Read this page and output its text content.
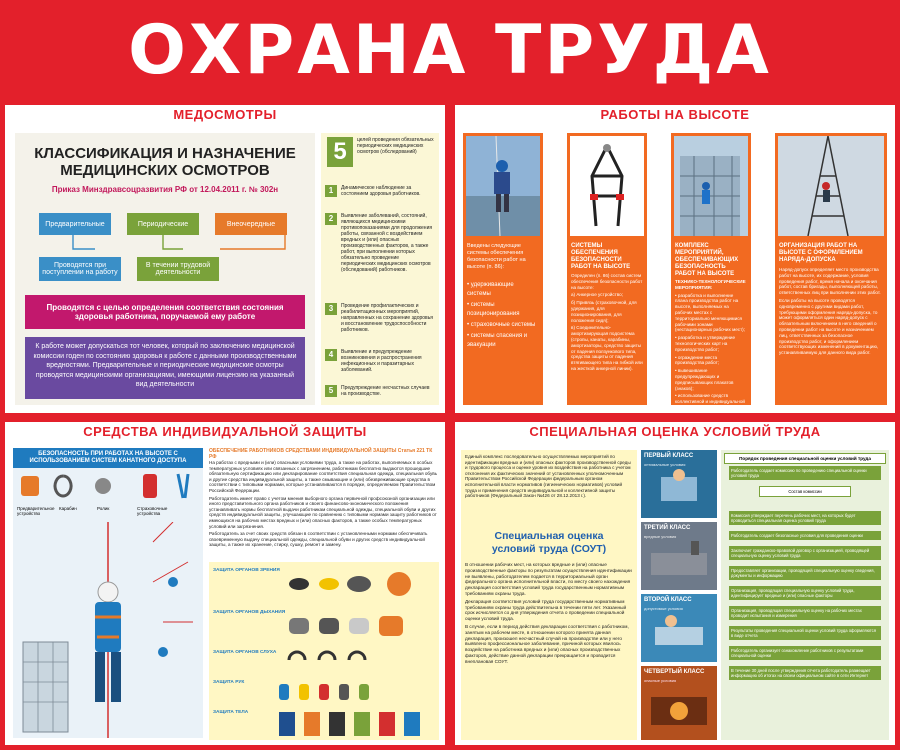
ОХРАНА ТРУДА
МЕДОСМОТРЫ
КЛАССИФИКАЦИЯ И НАЗНАЧЕНИЕ
МЕДИЦИНСКИХ ОСМОТРОВ
Приказ Минздравсоцразвития РФ от 12.04.2011 г. № 302н
Предварительные	Периодические	Внеочередные
Проводятся при поступлении на работу
В течении трудовой деятельности
Проводятся с целью определения соответствия состояния здоровья работника, поручаемой ему работе
К работе может допускаться тот человек, который по заключению медицинской комиссии годен по состоянию здоровья к работе с данными производственными вредностями. Предварительные и периодические медицинские осмотры проводятся медицинскими организациями, имеющими лицензию на указанный вид деятельности
5	целей проведения обязательных периодических медицинских осмотров (обследований)
1	Динамическое наблюдение за состоянием здоровья работников.
2	Выявление заболеваний, состояний, являющихся медицинскими противопоказаниями для продолжения работы, связанной с воздействием вредных и (или) опасных производственных факторов, а также работ, при выполнении которых обязательно проведение периодических медицинских осмотров (обследований) работников.
3	Проведение профилактических и реабилитационных мероприятий, направленных на сохранение здоровья и восстановление трудоспособности работников.
4	Выявление и предупреждение возникновения и распространения инфекционных и паразитарных заболеваний.
5	Предупреждение несчастных случаев на производстве.
РАБОТЫ НА ВЫСОТЕ
Введены следующие системы обеспечения безопасности работ на высоте (п. 86):

• удерживающие системы

• системы позиционирования

• страховочные системы

• системы спасения и эвакуации

СИСТЕМЫ ОБЕСПЕЧЕНИЯ БЕЗОПАСНОСТИ РАБОТ НА ВЫСОТЕ

Определен (п. 86) состав систем обеспечения безопасности работ на высоте:

а) Анкерное устройство;

б) Привязь (страховочной, для удержания, для позиционирования, для положения сидя);

в) Соединительно-амортизирующая подсистема (стропы, канаты, карабины, амортизаторы, средство защиты от падения ползункового типа, средства защиты от падения втягивающего типа на гибкой или на жесткой анкерной линии).

КОМПЛЕКС МЕРОПРИЯТИЙ, ОБЕСПЕЧИВАЮЩИХ БЕЗОПАСНОСТЬ РАБОТ НА ВЫСОТЕ

ТЕХНИКО-ТЕХНОЛОГИЧЕСКИЕ МЕРОПРИЯТИЯ:

• разработка и выполнение плана производства работ на высоте, выполняемых на рабочих местах с территориально меняющимися рабочими зонами (нестационарных рабочих мест);

• разработка и утверждение технологических карт на производство работ;

• ограждение места производства работ;

• вывешивание предупреждающих и предписывающих плакатов (знаков);

• использование средств коллективной и индивидуальной защиты.

ОРГАНИЗАЦИЯ РАБОТ НА ВЫСОТЕ С ОФОРМЛЕНИЕМ НАРЯДА-ДОПУСКА

Наряд-допуск определяет место производства работ на высоте, их содержание, условия проведения работ, время начала и окончания работ, состав бригады, выполняющей работы, ответственных лиц при выполнении этих работ.

Если работы на высоте проводятся одновременно с другими видами работ, требующими оформления наряда-допуска, то может оформляться один наряд-допуск с обязательным включением в него сведений о проведении работ на высоте и назначением лиц, ответственных за безопасное производство работ, и оформлением соответствующих изменений в документацию, устанавливаемую для данного вида работ.

СРЕДСТВА ИНДИВИДУАЛЬНОЙ ЗАЩИТЫ
БЕЗОПАСНОСТЬ ПРИ РАБОТАХ НА ВЫСОТЕ С ИСПОЛЬЗОВАНИЕМ СИСТЕМ КАНАТНОГО ДОСТУПА
Предварительное устройство
Карабин	Ролик	Страховочные устройства
ОБЕСПЕЧЕНИЕ РАБОТНИКОВ СРЕДСТВАМИ ИНДИВИДУАЛЬНОЙ ЗАЩИТЫ Статья 221 ТК РФ

На работах с вредными и (или) опасными условиями труда, а также на работах, выполняемых в особых температурных условиях или связанных с загрязнением, работникам бесплатно выдаются прошедшие обязательную сертификацию или декларирование соответствия специальная одежда, специальная обувь и другие средства индивидуальной защиты, а также смывающие и (или) обезвреживающие средства в соответствии с типовыми нормами, которые устанавливаются в порядке, определяемом Правительством Российской Федерации.

Работодатель имеет право с учетом мнения выборного органа первичной профсоюзной организации или иного представительного органа работников и своего финансово-экономического положения устанавливать нормы бесплатной выдачи работникам специальной одежды, специальной обуви и других средств индивидуальной защиты, улучшающие по сравнению с типовыми нормами защиту работников от имеющихся на рабочих местах вредных и (или) опасных факторов, а также особых температурных условий или загрязнения.

Работодатель за счет своих средств обязан в соответствии с установленными нормами обеспечивать своевременную выдачу специальной одежды, специальной обуви и других средств индивидуальной защиты, а также их хранение, стирку, сушку, ремонт и замену.

ЗАЩИТА ОРГАНОВ ЗРЕНИЯ
ЗАЩИТА ОРГАНОВ ДЫХАНИЯ
ЗАЩИТА ОРГАНОВ СЛУХА
ЗАЩИТА РУК
ЗАЩИТА ТЕЛА
СПЕЦИАЛЬНАЯ ОЦЕНКА УСЛОВИЙ ТРУДА
Единый комплекс последовательно осуществляемых мероприятий по идентификации вредных и (или) опасных факторов производственной среды и трудового процесса и оценке уровня их воздействия на работника с учетом отклонения их фактических значений от установленных уполномоченным Правительством Российской Федерации федеральным органом исполнительной власти нормативов (гигиенических нормативов) условий труда и применения средств индивидуальной и коллективной защиты работников (Федеральный Закон №426 от 28.12.2013 г.).
Специальная оценка
условий труда (СОУТ)

В отношении рабочих мест, на которых вредные и (или) опасные производственные факторы по результатам осуществления идентификации не выявлены, работодателем подается в территориальный орган федерального органа исполнительной власти, по месту своего нахождения декларация соответствия условий труда государственным нормативным требованиям охраны труда.

Декларация соответствия условий труда государственным нормативным требованиям охраны труда действительна в течении пяти лет. Указанный срок исчисляется со дня утверждения отчета о проведении специальной оценки условий труда.

В случае, если в период действия декларации соответствия с работником, занятым на рабочем месте, в отношении которого принята данная декларация, произошел несчастный случай на производстве или у него выявлено профессиональное заболевание, причиной которых явилось воздействие на работника вредных и (или) опасных производственных факторов, действие данной декларации прекращается и проводится внеплановая СОУТ.

ПЕРВЫЙ КЛАСС
оптимальные условия
ТРЕТИЙ КЛАСС
вредные условия
ВТОРОЙ КЛАСС
допустимые условия
ЧЕТВЕРТЫЙ КЛАСС
опасные условия
Порядок проведения специальной оценки условий труда
Работодатель создает комиссию по проведению специальной оценки условий труда
Состав комиссии
Комиссия утверждает перечень рабочих мест, на которых будет проводиться специальная оценка условий труда
Работодатель создает безопасные условия для проведения оценки
Заключает гражданско-правовой договор с организацией, проводящей специальную оценку условий труда
Предоставляет организации, проводящей специальную оценку сведения, документы и информацию
Организация, проводящая специальную оценку условий труда, идентифицирует вредные и (или) опасные факторы
Организация, проводящая специальную оценку на рабочих местах проводит испытания и измерения
Результаты проведения специальной оценки условий труда оформляются в виде отчета
Работодатель организует ознакомление работников с результатами специальной оценки
В течение 30 дней после утверждения отчета работодатель размещает информацию об итогах на своем официальном сайте в сети Интернет
